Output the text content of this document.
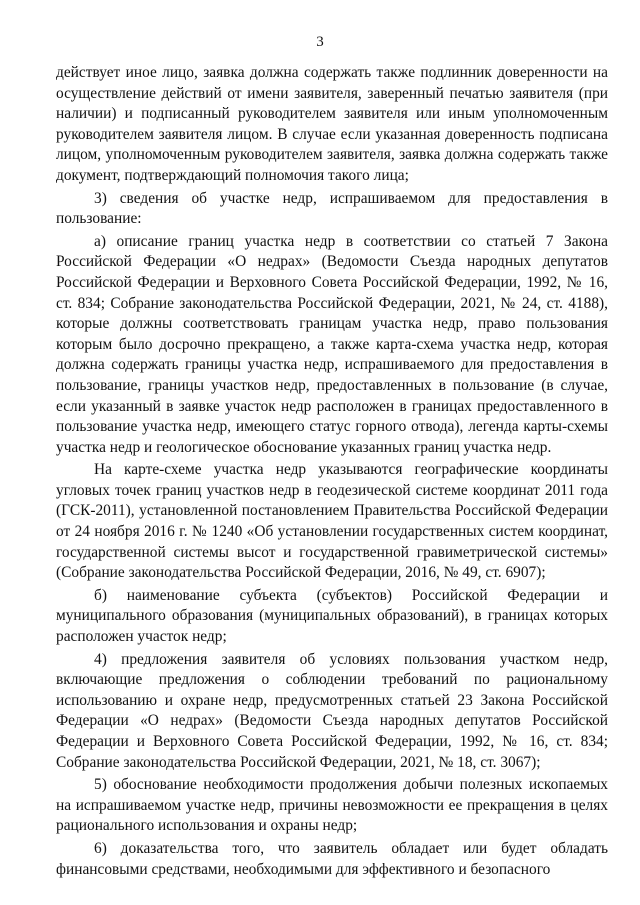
3

действует иное лицо, заявка должна содержать также подлинник доверенности на осуществление действий от имени заявителя, заверенный печатью заявителя (при наличии) и подписанный руководителем заявителя или иным уполномоченным руководителем заявителя лицом. В случае если указанная доверенность подписана лицом, уполномоченным руководителем заявителя, заявка должна содержать также документ, подтверждающий полномочия такого лица;

3) сведения об участке недр, испрашиваемом для предоставления в пользование:

а) описание границ участка недр в соответствии со статьей 7 Закона Российской Федерации «О недрах» (Ведомости Съезда народных депутатов Российской Федерации и Верховного Совета Российской Федерации, 1992, № 16, ст. 834; Собрание законодательства Российской Федерации, 2021, № 24, ст. 4188), которые должны соответствовать границам участка недр, право пользования которым было досрочно прекращено, а также карта-схема участка недр, которая должна содержать границы участка недр, испрашиваемого для предоставления в пользование, границы участков недр, предоставленных в пользование (в случае, если указанный в заявке участок недр расположен в границах предоставленного в пользование участка недр, имеющего статус горного отвода), легенда карты-схемы участка недр и геологическое обоснование указанных границ участка недр.

На карте-схеме участка недр указываются географические координаты угловых точек границ участков недр в геодезической системе координат 2011 года (ГСК-2011), установленной постановлением Правительства Российской Федерации от 24 ноября 2016 г. № 1240 «Об установлении государственных систем координат, государственной системы высот и государственной гравиметрической системы» (Собрание законодательства Российской Федерации, 2016, № 49, ст. 6907);

б) наименование субъекта (субъектов) Российской Федерации и муниципального образования (муниципальных образований), в границах которых расположен участок недр;

4) предложения заявителя об условиях пользования участком недр, включающие предложения о соблюдении требований по рациональному использованию и охране недр, предусмотренных статьей 23 Закона Российской Федерации «О недрах» (Ведомости Съезда народных депутатов Российской Федерации и Верховного Совета Российской Федерации, 1992, № 16, ст. 834; Собрание законодательства Российской Федерации, 2021, № 18, ст. 3067);

5) обоснование необходимости продолжения добычи полезных ископаемых на испрашиваемом участке недр, причины невозможности ее прекращения в целях рационального использования и охраны недр;

6) доказательства того, что заявитель обладает или будет обладать финансовыми средствами, необходимыми для эффективного и безопасного
